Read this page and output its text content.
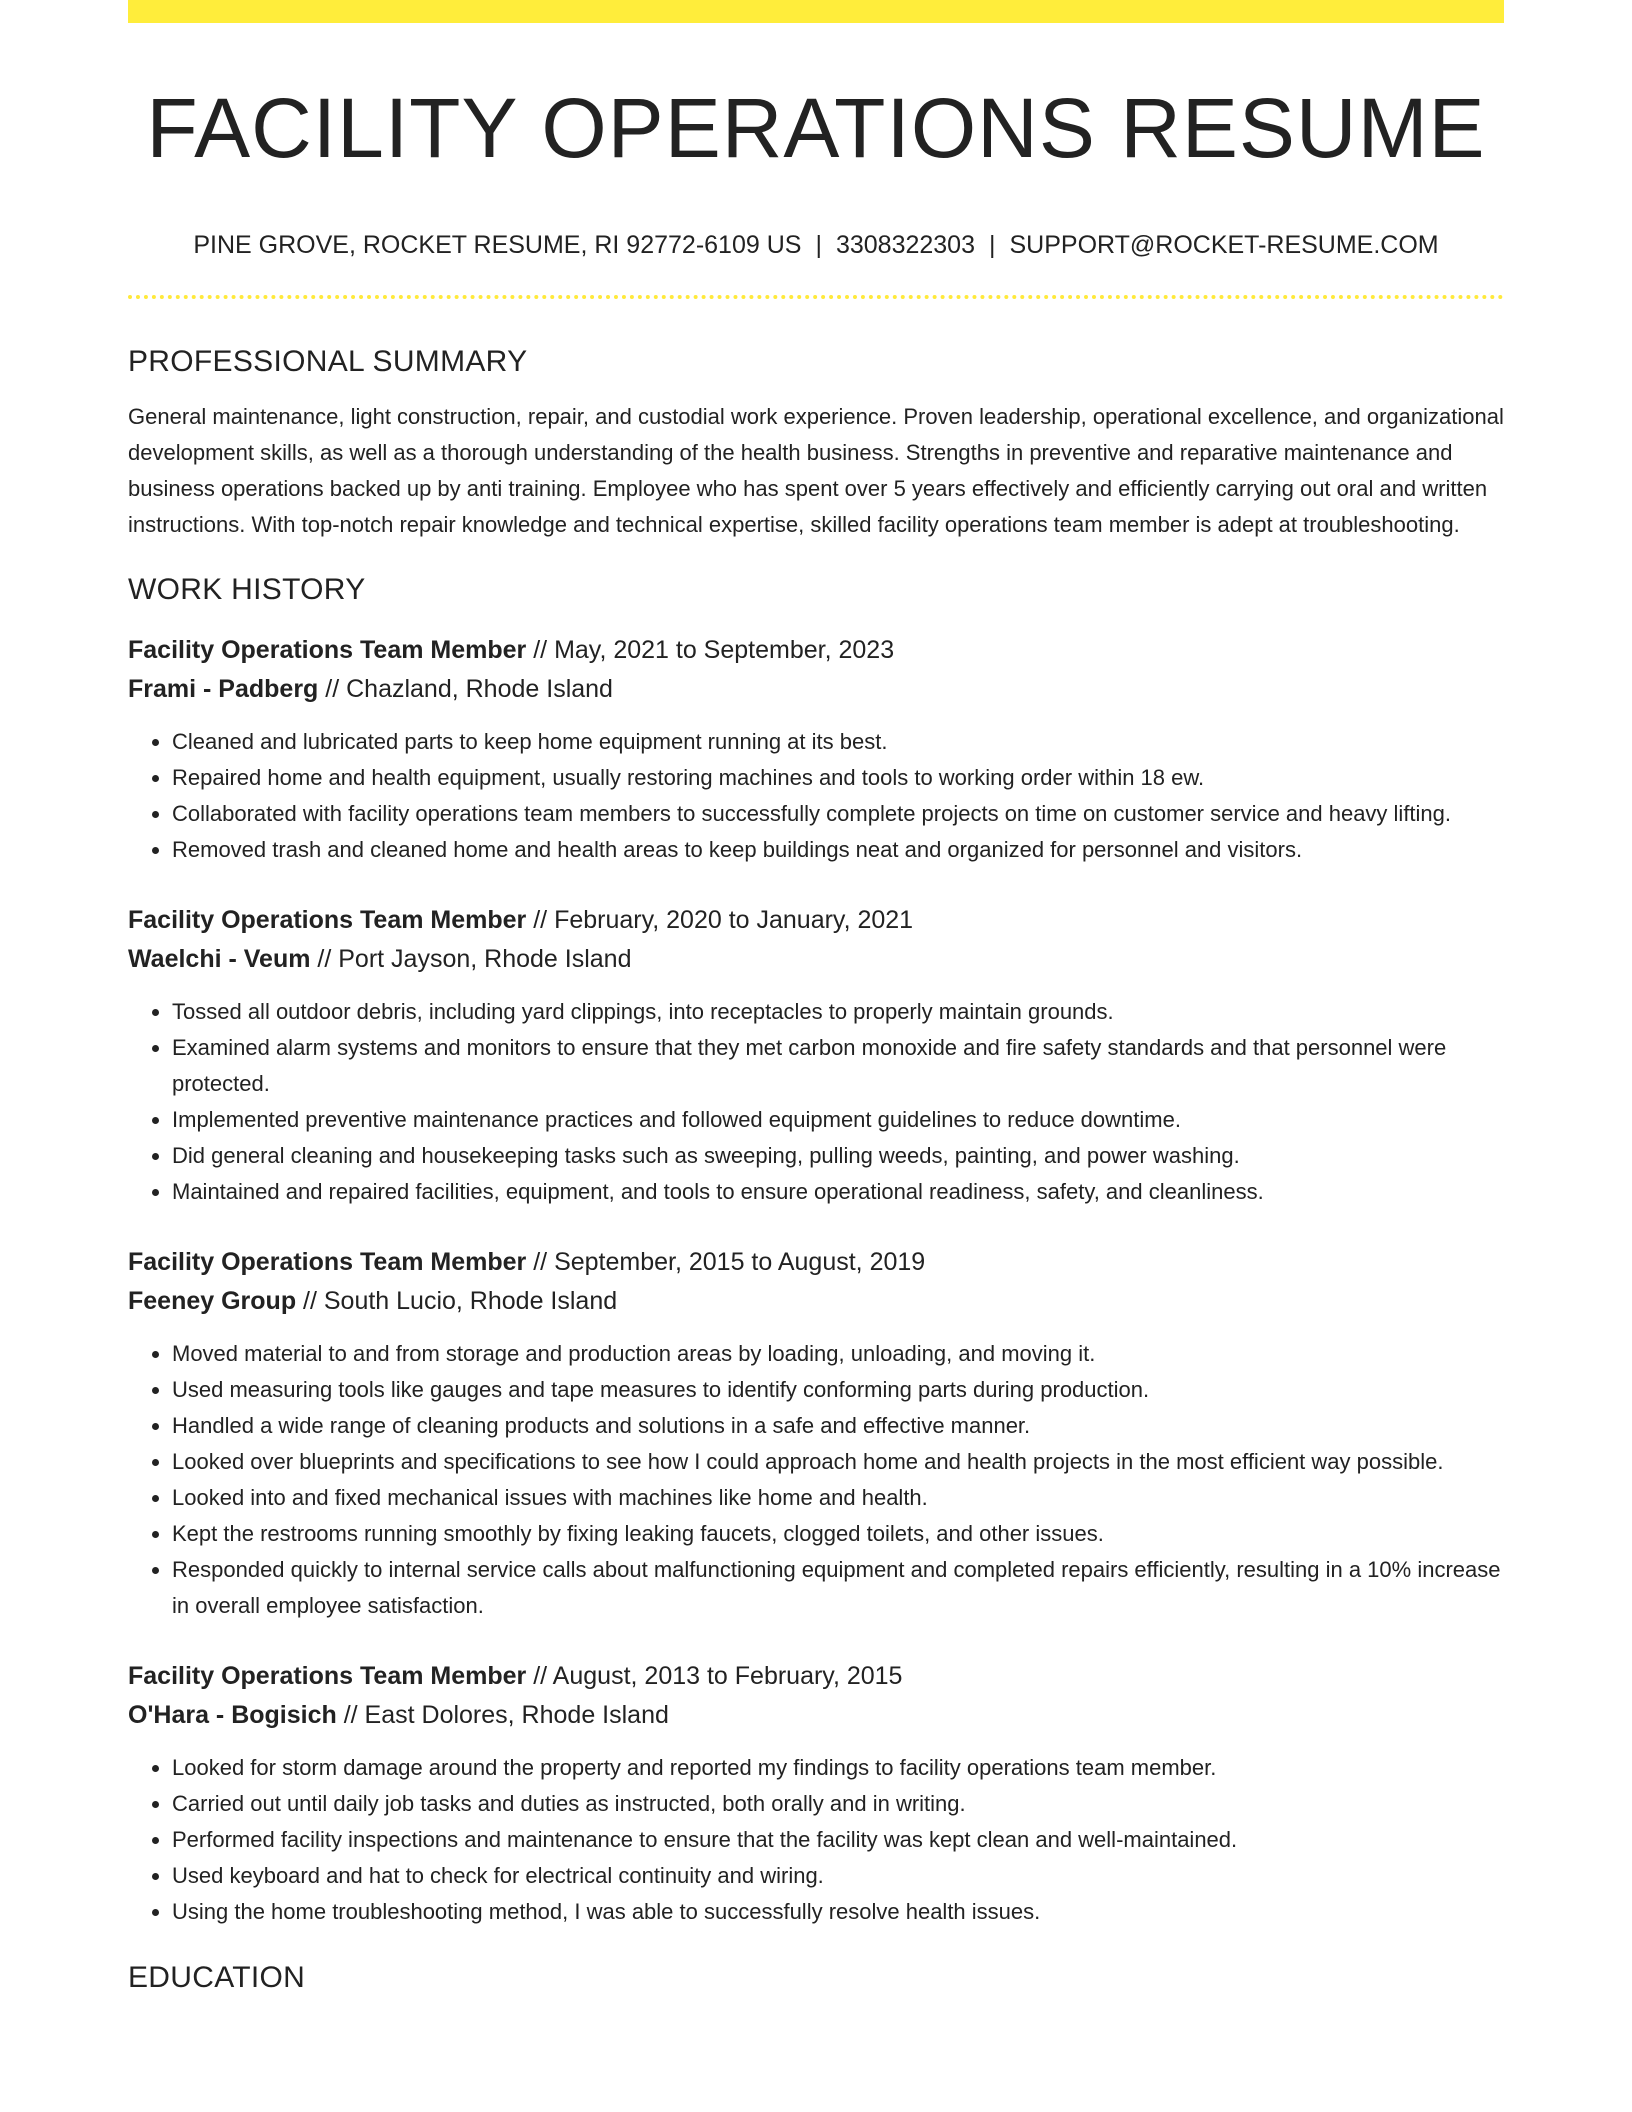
FACILITY OPERATIONS RESUME
PINE GROVE, ROCKET RESUME, RI 92772-6109 US | 3308322303 | SUPPORT@ROCKET-RESUME.COM
PROFESSIONAL SUMMARY
General maintenance, light construction, repair, and custodial work experience. Proven leadership, operational excellence, and organizational development skills, as well as a thorough understanding of the health business. Strengths in preventive and reparative maintenance and business operations backed up by anti training. Employee who has spent over 5 years effectively and efficiently carrying out oral and written instructions. With top-notch repair knowledge and technical expertise, skilled facility operations team member is adept at troubleshooting.
WORK HISTORY
Facility Operations Team Member // May, 2021 to September, 2023
Frami - Padberg // Chazland, Rhode Island
• Cleaned and lubricated parts to keep home equipment running at its best.
• Repaired home and health equipment, usually restoring machines and tools to working order within 18 ew.
• Collaborated with facility operations team members to successfully complete projects on time on customer service and heavy lifting.
• Removed trash and cleaned home and health areas to keep buildings neat and organized for personnel and visitors.
Facility Operations Team Member // February, 2020 to January, 2021
Waelchi - Veum // Port Jayson, Rhode Island
• Tossed all outdoor debris, including yard clippings, into receptacles to properly maintain grounds.
• Examined alarm systems and monitors to ensure that they met carbon monoxide and fire safety standards and that personnel were protected.
• Implemented preventive maintenance practices and followed equipment guidelines to reduce downtime.
• Did general cleaning and housekeeping tasks such as sweeping, pulling weeds, painting, and power washing.
• Maintained and repaired facilities, equipment, and tools to ensure operational readiness, safety, and cleanliness.
Facility Operations Team Member // September, 2015 to August, 2019
Feeney Group // South Lucio, Rhode Island
• Moved material to and from storage and production areas by loading, unloading, and moving it.
• Used measuring tools like gauges and tape measures to identify conforming parts during production.
• Handled a wide range of cleaning products and solutions in a safe and effective manner.
• Looked over blueprints and specifications to see how I could approach home and health projects in the most efficient way possible.
• Looked into and fixed mechanical issues with machines like home and health.
• Kept the restrooms running smoothly by fixing leaking faucets, clogged toilets, and other issues.
• Responded quickly to internal service calls about malfunctioning equipment and completed repairs efficiently, resulting in a 10% increase in overall employee satisfaction.
Facility Operations Team Member // August, 2013 to February, 2015
O'Hara - Bogisich // East Dolores, Rhode Island
• Looked for storm damage around the property and reported my findings to facility operations team member.
• Carried out until daily job tasks and duties as instructed, both orally and in writing.
• Performed facility inspections and maintenance to ensure that the facility was kept clean and well-maintained.
• Used keyboard and hat to check for electrical continuity and wiring.
• Using the home troubleshooting method, I was able to successfully resolve health issues.
EDUCATION
